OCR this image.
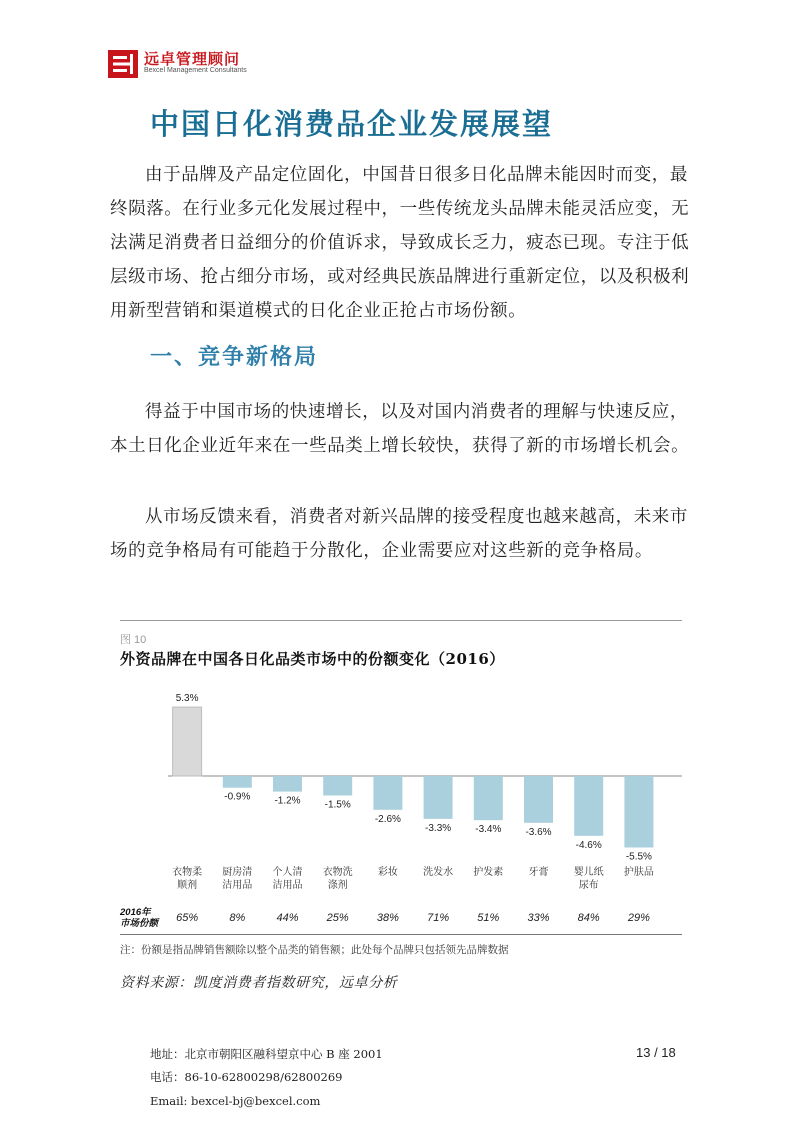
远卓管理顾问
Bexcel Management Consultants
中国日化消费品企业发展展望

由于品牌及产品定位固化，中国昔日很多日化品牌未能因时而变，最终陨落。在行业多元化发展过程中，一些传统龙头品牌未能灵活应变，无法满足消费者日益细分的价值诉求，导致成长乏力，疲态已现。专注于低层级市场、抢占细分市场，或对经典民族品牌进行重新定位，以及积极利用新型营销和渠道模式的日化企业正抢占市场份额。

一、竞争新格局

得益于中国市场的快速增长，以及对国内消费者的理解与快速反应，本土日化企业近年来在一些品类上增长较快，获得了新的市场增长机会。

从市场反馈来看，消费者对新兴品牌的接受程度也越来越高，未来市场的竞争格局有可能趋于分散化，企业需要应对这些新的竞争格局。

图 10
外资品牌在中国各日化品类市场中的份额变化（2016）
5.3%
衣物柔
顺剂
-0.9%
厨房清
洁用品
-1.2%
个人清
洁用品
-1.5%
衣物洗
涤剂
-2.6%
彩妆
-3.3%
洗发水
-3.4%
护发素
-3.6%
牙膏
-4.6%
婴儿纸
尿布
-5.5%
护肤品
2016年
市场份额	65%	8%	44%	25%	38%	71%	51%	33%	84%	29%
注：份额是指品牌销售额除以整个品类的销售额；此处每个品牌只包括领先品牌数据
资料来源：凯度消费者指数研究，远卓分析
地址：北京市朝阳区融科望京中心 B 座 2001
电话：86-10-62800298/62800269
Email: bexcel-bj@bexcel.com
13 / 18
